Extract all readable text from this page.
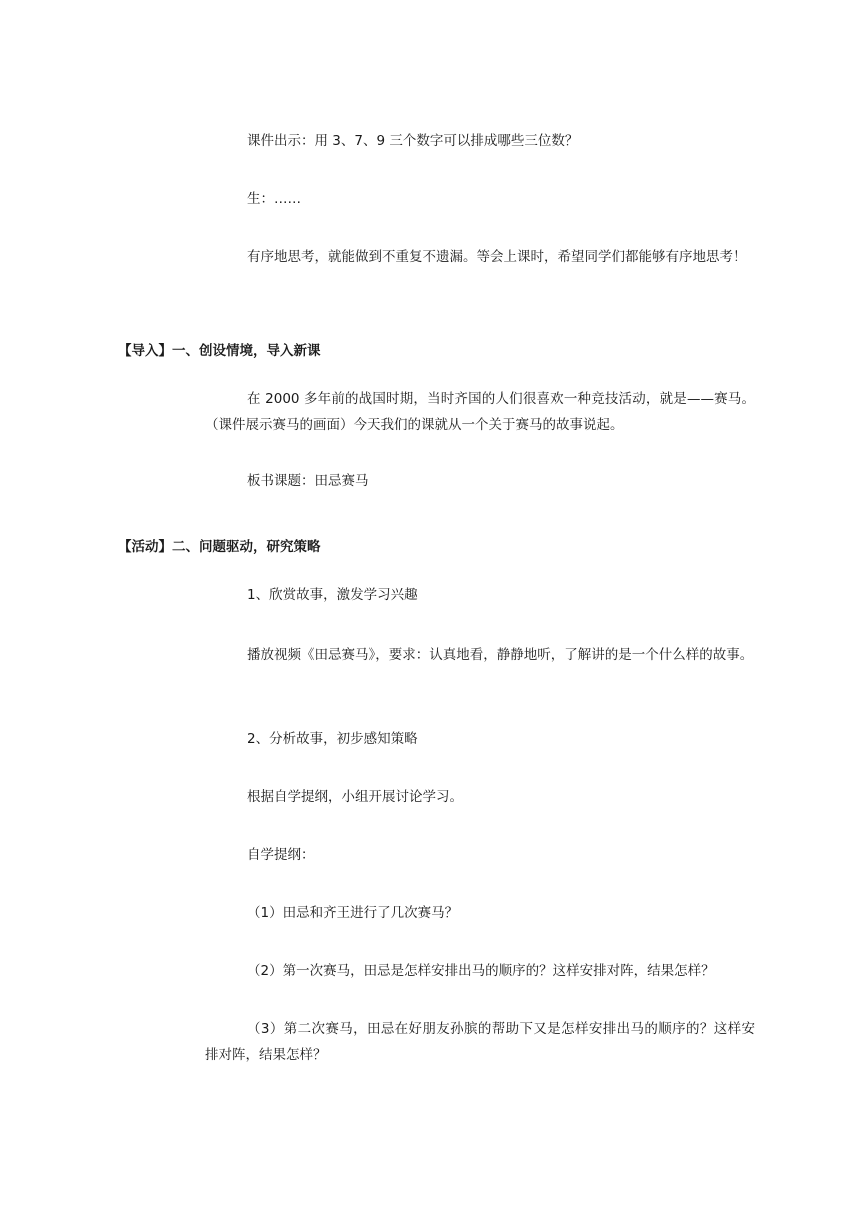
课件出示：用 3、7、9 三个数字可以排成哪些三位数？

生：……

有序地思考，就能做到不重复不遗漏。等会上课时，希望同学们都能够有序地思考！

【导入】一、创设情境，导入新课

在 2000 多年前的战国时期，当时齐国的人们很喜欢一种竞技活动，就是——赛马。（课件展示赛马的画面）今天我们的课就从一个关于赛马的故事说起。

板书课题：田忌赛马

【活动】二、问题驱动，研究策略

1、欣赏故事，激发学习兴趣

播放视频《田忌赛马》，要求：认真地看，静静地听，了解讲的是一个什么样的故事。

2、分析故事，初步感知策略

根据自学提纲，小组开展讨论学习。

自学提纲：

（1）田忌和齐王进行了几次赛马？

（2）第一次赛马，田忌是怎样安排出马的顺序的？这样安排对阵，结果怎样？

（3）第二次赛马，田忌在好朋友孙膑的帮助下又是怎样安排出马的顺序的？这样安排对阵，结果怎样？
